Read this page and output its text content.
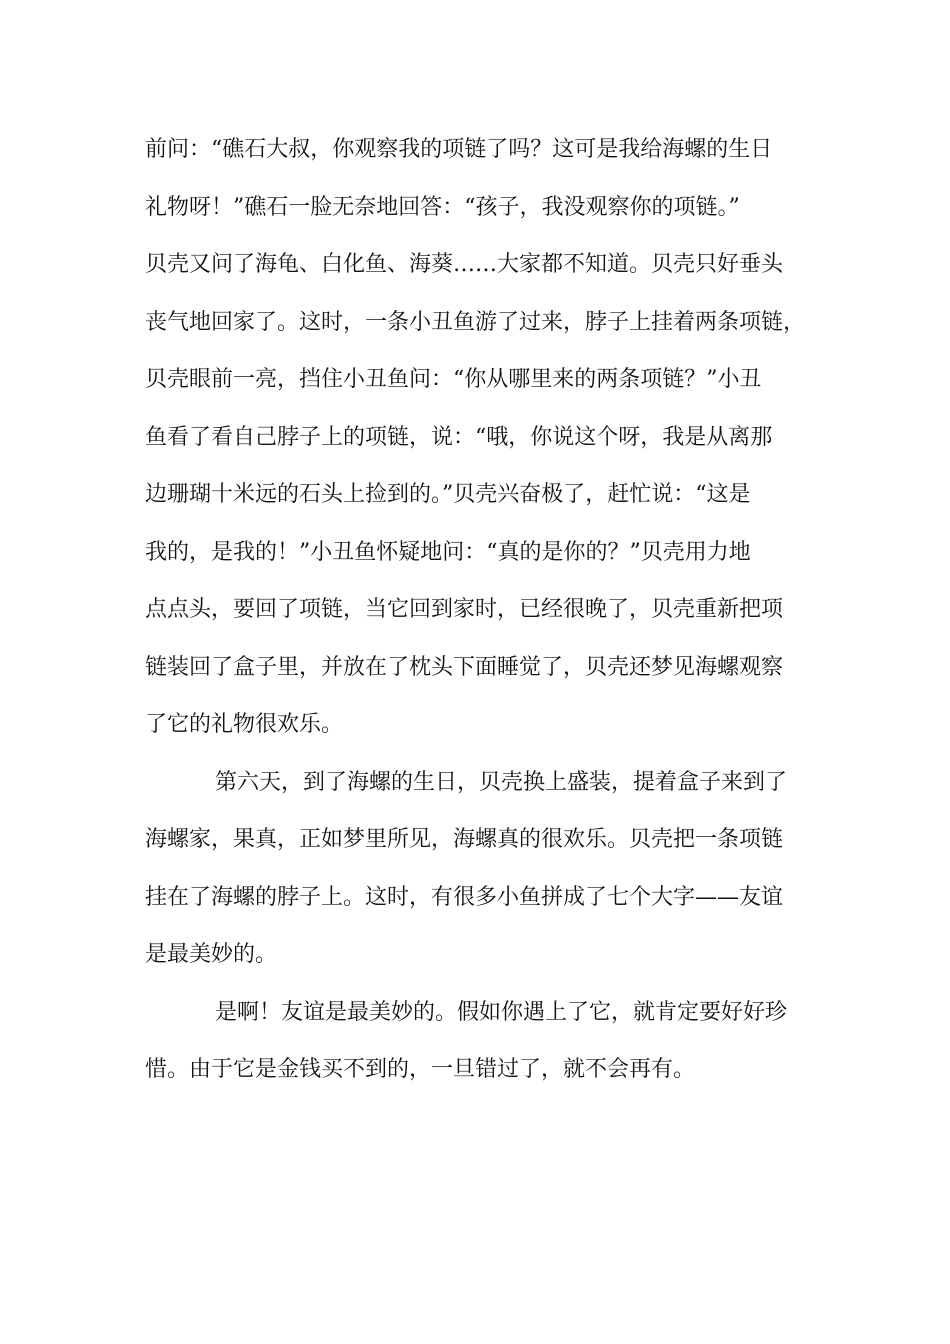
前问：“礁石大叔，你观察我的项链了吗？这可是我给海螺的生日
礼物呀！”礁石一脸无奈地回答：“孩子，我没观察你的项链。”
贝壳又问了海龟、白化鱼、海葵……大家都不知道。贝壳只好垂头
丧气地回家了。这时，一条小丑鱼游了过来，脖子上挂着两条项链，
贝壳眼前一亮，挡住小丑鱼问：“你从哪里来的两条项链？”小丑
鱼看了看自己脖子上的项链，说：“哦，你说这个呀，我是从离那
边珊瑚十米远的石头上捡到的。”贝壳兴奋极了，赶忙说：“这是
我的，是我的！”小丑鱼怀疑地问：“真的是你的？”贝壳用力地
点点头，要回了项链，当它回到家时，已经很晚了，贝壳重新把项
链装回了盒子里，并放在了枕头下面睡觉了，贝壳还梦见海螺观察
了它的礼物很欢乐。
第六天，到了海螺的生日，贝壳换上盛装，提着盒子来到了
海螺家，果真，正如梦里所见，海螺真的很欢乐。贝壳把一条项链
挂在了海螺的脖子上。这时，有很多小鱼拼成了七个大字——友谊
是最美妙的。
是啊！友谊是最美妙的。假如你遇上了它，就肯定要好好珍
惜。由于它是金钱买不到的，一旦错过了，就不会再有。
